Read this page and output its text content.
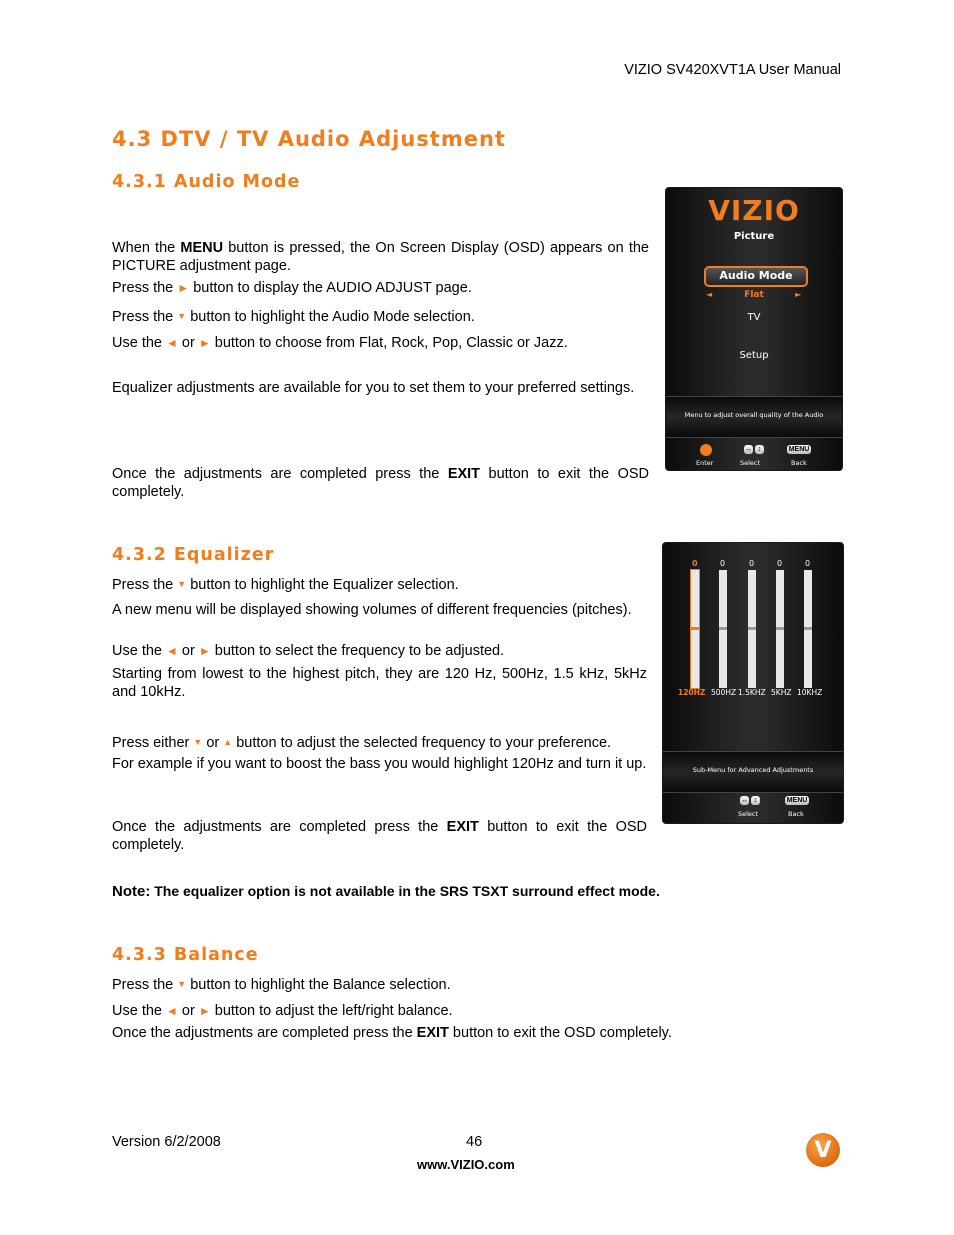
VIZIO SV420XVT1A User Manual
4.3 DTV / TV Audio Adjustment
4.3.1 Audio Mode

When the MENU button is pressed, the On Screen Display (OSD) appears on the PICTURE adjustment page.

Press the ► button to display the AUDIO ADJUST page.

Press the ▼ button to highlight the Audio Mode selection.

Use the ◄ or ► button to choose from Flat, Rock, Pop, Classic or Jazz.

Equalizer adjustments are available for you to set them to your preferred settings.

Once the adjustments are completed press the EXIT button to exit the OSD completely.

VIZIO
Picture
Audio Mode
◄	Flat	►
TV
Setup
Menu to adjust overall quality of the Audio
Enter
↔ ↕
Select
MENU
Back
4.3.2 Equalizer

Press the ▼ button to highlight the Equalizer selection.

A new menu will be displayed showing volumes of different frequencies (pitches).

Use the ◄ or ► button to select the frequency to be adjusted.

Starting from lowest to the highest pitch, they are 120 Hz, 500Hz, 1.5 kHz, 5kHz and 10kHz.

Press either ▼ or ▲ button to adjust the selected frequency to your preference.

For example if you want to boost the bass you would highlight 120Hz and turn it up.

Once the adjustments are completed press the EXIT button to exit the OSD completely.

Sub-Menu for Advanced Adjustments
↔ ↕
Select
MENU
Back
0	0	0	0	0
120HZ 500HZ 1.5KHZ 5KHZ 10KHZ

Note: The equalizer option is not available in the SRS TSXT surround effect mode.

4.3.3 Balance

Press the ▼ button to highlight the Balance selection.

Use the ◄ or ► button to adjust the left/right balance.

Once the adjustments are completed press the EXIT button to exit the OSD completely.

Version 6/2/2008	46
www.VIZIO.com
V
